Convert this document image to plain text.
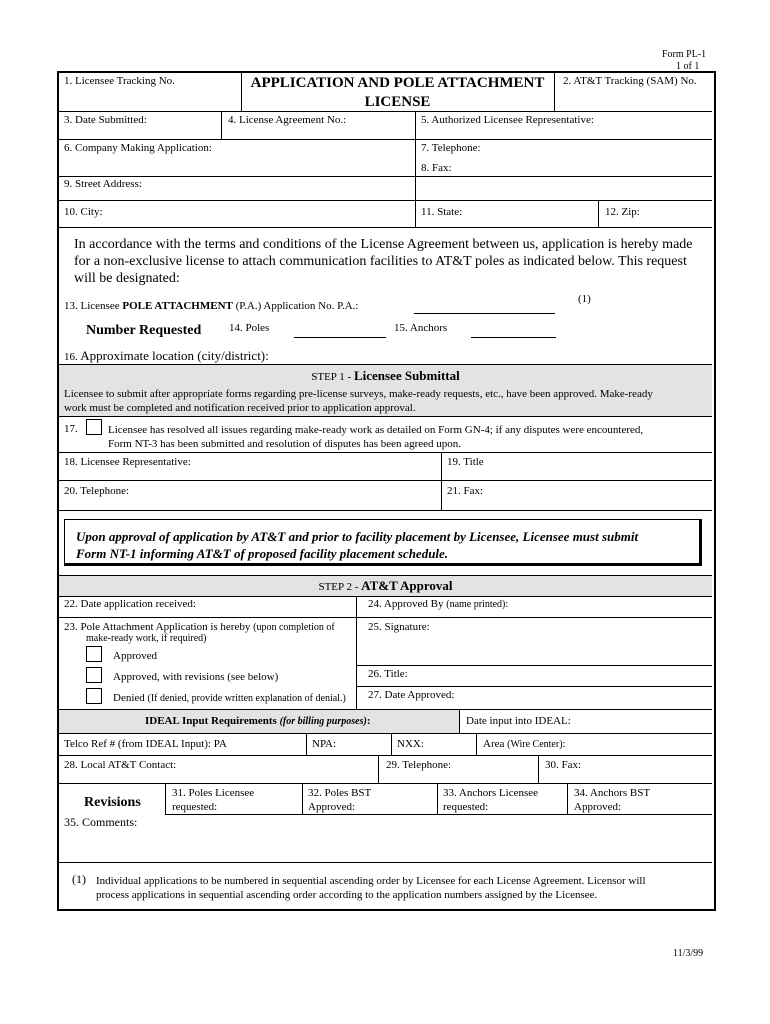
Form PL-1
1 of 1
1. Licensee Tracking No.	APPLICATION AND POLE ATTACHMENT
LICENSE
2. AT&T Tracking (SAM) No.
3. Date Submitted:	4. License Agreement No.:	5. Authorized Licensee Representative:
6. Company Making Application:	7. Telephone:
8. Fax:
9. Street Address:
10. City:	11. State:	12. Zip:
In accordance with the terms and conditions of the License Agreement between us, application is hereby made
for a non-exclusive license to attach communication facilities to AT&T poles as indicated below. This request
will be designated:
13. Licensee POLE ATTACHMENT (P.A.) Application No. P.A.:
(1)
Number Requested	14. Poles	15. Anchors
16. Approximate location (city/district):
STEP 1 - Licensee Submittal
Licensee to submit after appropriate forms regarding pre-license surveys, make-ready requests, etc., have been approved. Make-ready
work must be completed and notification received prior to application approval.
17.	Licensee has resolved all issues regarding make-ready work as detailed on Form GN-4; if any disputes were encountered,
Form NT-3 has been submitted and resolution of disputes has been agreed upon.
18. Licensee Representative:	19. Title
20. Telephone:	21. Fax:
Upon approval of application by AT&T and prior to facility placement by Licensee, Licensee must submit
Form NT-1 informing AT&T of proposed facility placement schedule.
STEP 2 - AT&T Approval
22. Date application received:	24. Approved By (name printed):
23. Pole Attachment Application is hereby (upon completion of
make-ready work, if required)
Approved
Approved, with revisions (see below)
Denied (If denied, provide written explanation of denial.)
25. Signature:
26. Title:
27. Date Approved:
IDEAL Input Requirements (for billing purposes):	Date input into IDEAL:
Telco Ref # (from IDEAL Input): PA	NPA:	NXX:	Area (Wire Center):
28. Local AT&T Contact:	29. Telephone:	30. Fax:
Revisions
31. Poles Licensee
requested:
32. Poles BST
Approved:
33. Anchors Licensee
requested:
34. Anchors BST
Approved:
35. Comments:
(1) Individual applications to be numbered in sequential ascending order by Licensee for each License Agreement. Licensor will
process applications in sequential ascending order according to the application numbers assigned by the Licensee.
11/3/99
